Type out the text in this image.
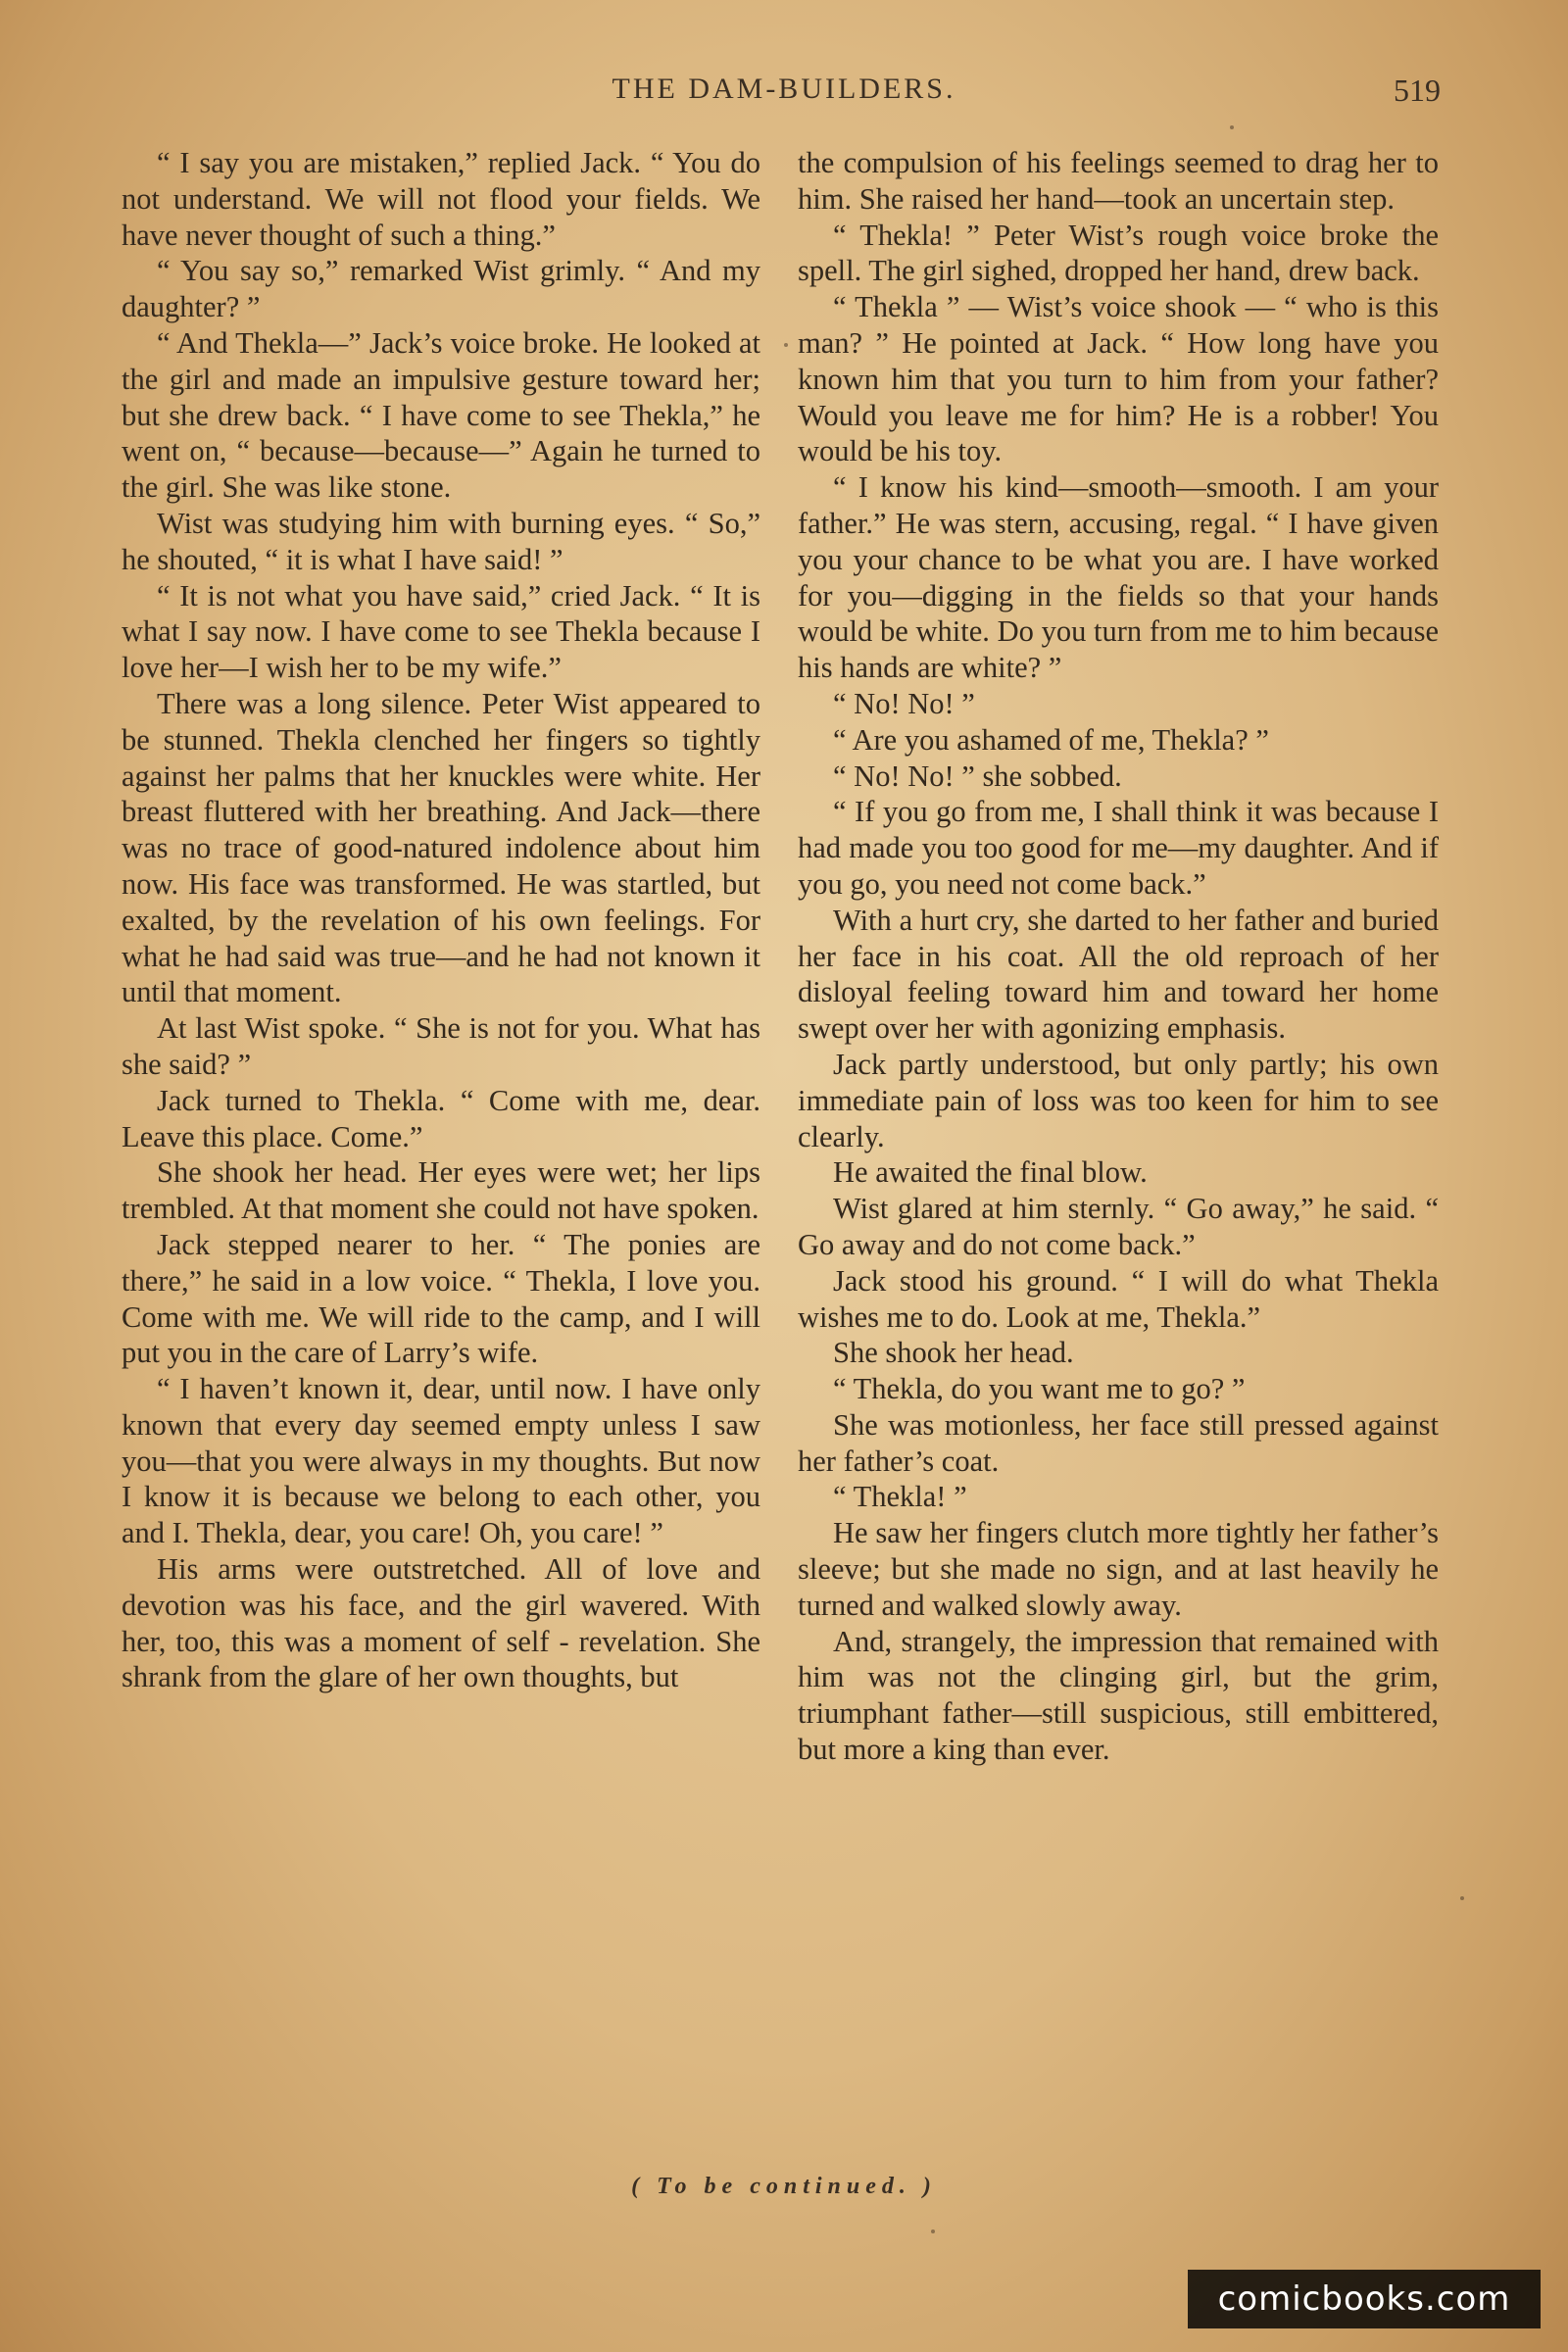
THE DAM-BUILDERS.	519

“ I say you are mistaken,” replied Jack. “ You do not understand. We will not flood your fields. We have never thought of such a thing.”

“ You say so,” remarked Wist grimly. “ And my daughter? ”

“ And Thekla—” Jack’s voice broke. He looked at the girl and made an impulsive gesture toward her; but she drew back. “ I have come to see Thekla,” he went on, “ because—because—” Again he turned to the girl. She was like stone.

Wist was studying him with burning eyes. “ So,” he shouted, “ it is what I have said! ”

“ It is not what you have said,” cried Jack. “ It is what I say now. I have come to see Thekla because I love her—I wish her to be my wife.”

There was a long silence. Peter Wist appeared to be stunned. Thekla clenched her fingers so tightly against her palms that her knuckles were white. Her breast fluttered with her breathing. And Jack—there was no trace of good-natured indolence about him now. His face was transformed. He was startled, but exalted, by the revelation of his own feelings. For what he had said was true—and he had not known it until that moment.

At last Wist spoke. “ She is not for you. What has she said? ”

Jack turned to Thekla. “ Come with me, dear. Leave this place. Come.”

She shook her head. Her eyes were wet; her lips trembled. At that moment she could not have spoken.

Jack stepped nearer to her. “ The ponies are there,” he said in a low voice. “ Thekla, I love you. Come with me. We will ride to the camp, and I will put you in the care of Larry’s wife.

“ I haven’t known it, dear, until now. I have only known that every day seemed empty unless I saw you—that you were always in my thoughts. But now I know it is because we belong to each other, you and I. Thekla, dear, you care! Oh, you care! ”

His arms were outstretched. All of love and devotion was his face, and the girl wavered. With her, too, this was a moment of self - revelation. She shrank from the glare of her own thoughts, but

the compulsion of his feelings seemed to drag her to him. She raised her hand—took an uncertain step.

“ Thekla! ” Peter Wist’s rough voice broke the spell. The girl sighed, dropped her hand, drew back.

“ Thekla ” — Wist’s voice shook — “ who is this man? ” He pointed at Jack. “ How long have you known him that you turn to him from your father? Would you leave me for him? He is a robber! You would be his toy.

“ I know his kind—smooth—smooth. I am your father.” He was stern, accusing, regal. “ I have given you your chance to be what you are. I have worked for you—digging in the fields so that your hands would be white. Do you turn from me to him because his hands are white? ”

“ No! No! ”

“ Are you ashamed of me, Thekla? ”

“ No! No! ” she sobbed.

“ If you go from me, I shall think it was because I had made you too good for me—my daughter. And if you go, you need not come back.”

With a hurt cry, she darted to her father and buried her face in his coat. All the old reproach of her disloyal feeling toward him and toward her home swept over her with agonizing emphasis.

Jack partly understood, but only partly; his own immediate pain of loss was too keen for him to see clearly.

He awaited the final blow.

Wist glared at him sternly. “ Go away,” he said. “ Go away and do not come back.”

Jack stood his ground. “ I will do what Thekla wishes me to do. Look at me, Thekla.”

She shook her head.

“ Thekla, do you want me to go? ”

She was motionless, her face still pressed against her father’s coat.

“ Thekla! ”

He saw her fingers clutch more tightly her father’s sleeve; but she made no sign, and at last heavily he turned and walked slowly away.

And, strangely, the impression that remained with him was not the clinging girl, but the grim, triumphant father—still suspicious, still embittered, but more a king than ever.

( To be continued. )
comicbooks.com
